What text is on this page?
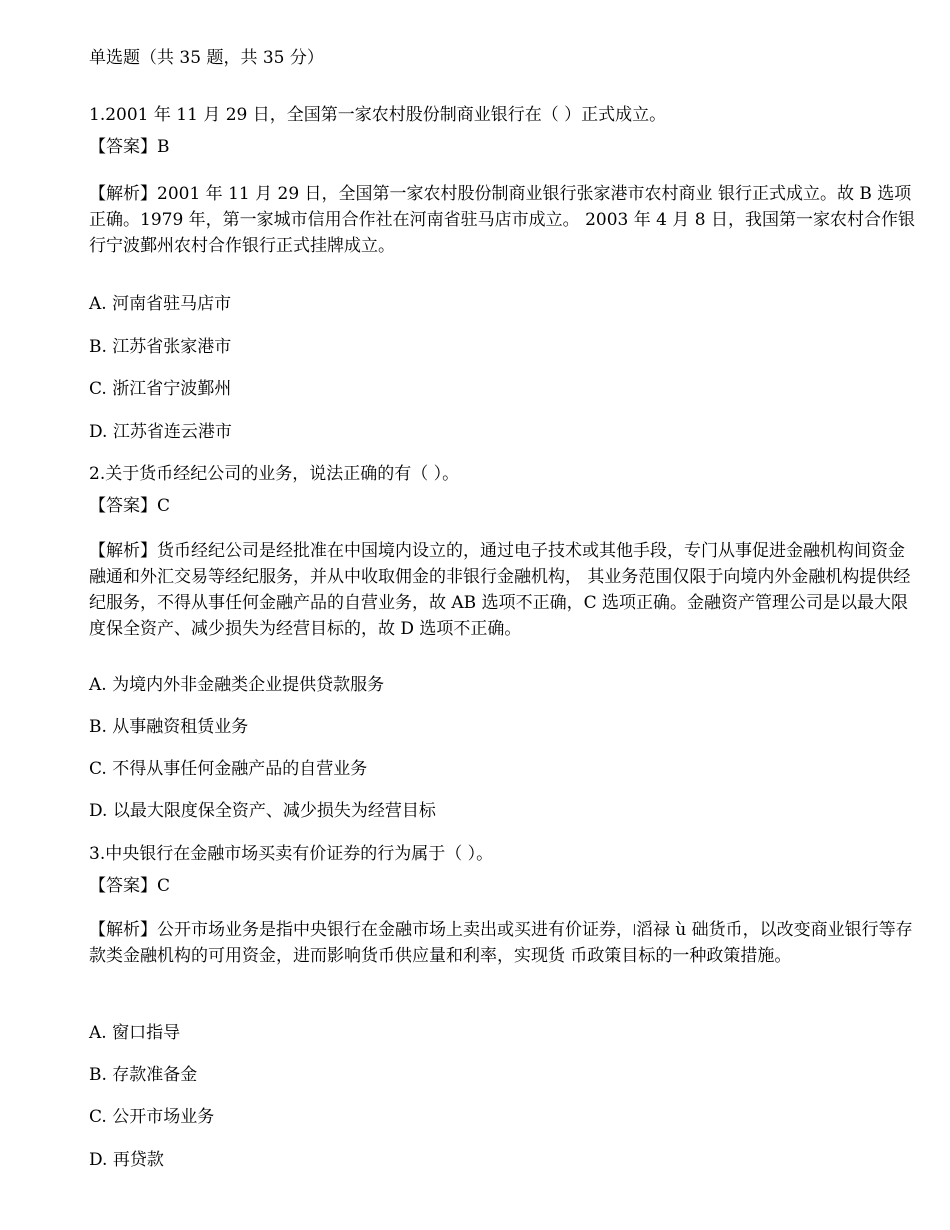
单选题（共 35 题，共 35 分）
1.2001 年 11 月 29 日，全国第一家农村股份制商业银行在（ ）正式成立。
【答案】B
【解析】2001 年 11 月 29 日，全国第一家农村股份制商业银行张家港市农村商业 银行正式成立。故 B 选项正确。1979 年，第一家城市信用合作社在河南省驻马店市成立。 2003 年 4 月 8 日，我国第一家农村合作银行宁波鄞州农村合作银行正式挂牌成立。
A. 河南省驻马店市
B. 江苏省张家港市
C. 浙江省宁波鄞州
D. 江苏省连云港市
2.关于货币经纪公司的业务，说法正确的有（ ）。
【答案】C
【解析】货币经纪公司是经批准在中国境内设立的，通过电子技术或其他手段，专门从事促进金融机构间资金融通和外汇交易等经纪服务，并从中收取佣金的非银行金融机构， 其业务范围仅限于向境内外金融机构提供经纪服务，不得从事任何金融产品的自营业务，故 AB 选项不正确，C 选项正确。金融资产管理公司是以最大限度保全资产、减少损失为经营目标的，故 D 选项不正确。
A. 为境内外非金融类企业提供贷款服务
B. 从事融资租赁业务
C. 不得从事任何金融产品的自营业务
D. 以最大限度保全资产、减少损失为经营目标
3.中央银行在金融市场买卖有价证券的行为属于（ ）。
【答案】C
【解析】公开市场业务是指中央银行在金融市场上卖出或买进有价证券，৷滔禄 ù 础货币，以改变商业银行等存款类金融机构的可用资金，进而影响货币供应量和利率，实现货 币政策目标的一种政策措施。
A. 窗口指导
B. 存款准备金
C. 公开市场业务
D. 再贷款
